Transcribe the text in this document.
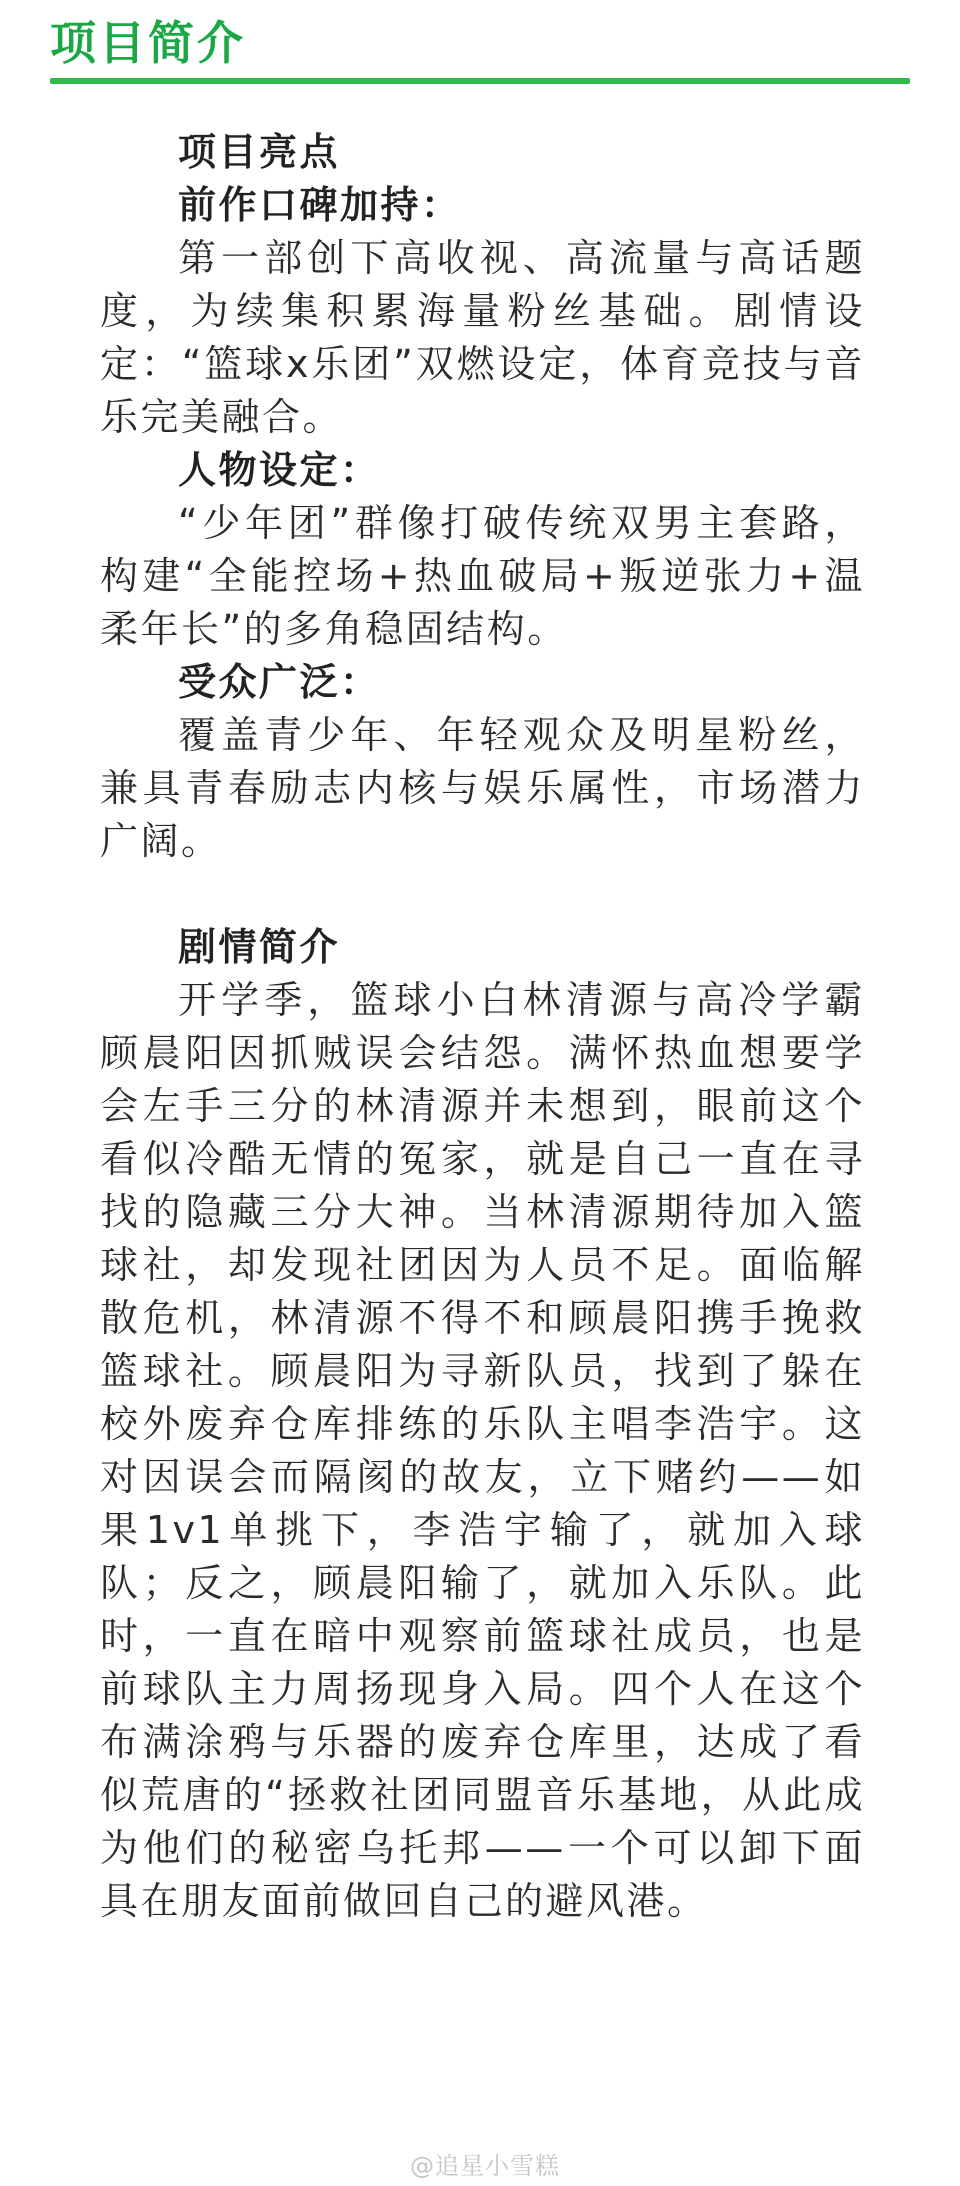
项目简介

项目亮点

前作口碑加持：

第一部创下高收视、高流量与高话题度，为续集积累海量粉丝基础。剧情设定：“篮球x乐团”双燃设定，体育竞技与音乐完美融合。

人物设定：

“少年团”群像打破传统双男主套路，构建“全能控场+热血破局+叛逆张力+温柔年长”的多角稳固结构。

受众广泛：

覆盖青少年、年轻观众及明星粉丝，兼具青春励志内核与娱乐属性，市场潜力广阔。

剧情简介

开学季，篮球小白林清源与高冷学霸顾晨阳因抓贼误会结怨。满怀热血想要学会左手三分的林清源并未想到，眼前这个看似冷酷无情的冤家，就是自己一直在寻找的隐藏三分大神。当林清源期待加入篮球社，却发现社团因为人员不足。面临解散危机，林清源不得不和顾晨阳携手挽救篮球社。顾晨阳为寻新队员，找到了躲在校外废弃仓库排练的乐队主唱李浩宇。这对因误会而隔阂的故友，立下赌约——如果1v1单挑下，李浩宇输了，就加入球队；反之，顾晨阳输了，就加入乐队。此时，一直在暗中观察前篮球社成员，也是前球队主力周扬现身入局。四个人在这个布满涂鸦与乐器的废弃仓库里，达成了看似荒唐的“拯救社团同盟音乐基地，从此成为他们的秘密乌托邦——一个可以卸下面具在朋友面前做回自己的避风港。

@追星小雪糕
